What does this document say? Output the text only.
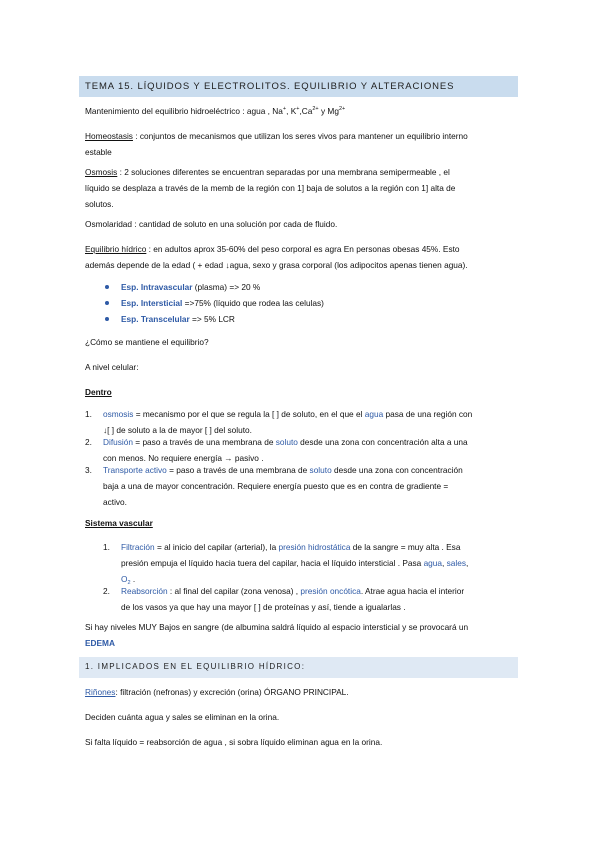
TEMA 15. LÍQUIDOS Y ELECTROLITOS. EQUILIBRIO Y ALTERACIONES
Mantenimiento del equilibrio hidroeléctrico : agua , Na+, $K^+,Ca^{2+}$ y $Mg^{2+}$
Homeostasis : conjuntos de mecanismos que utilizan los seres vivos para mantener un equilibrio interno
estable
Osmosis : 2 soluciones diferentes se encuentran separadas por una membrana semipermeable , el
líquido se desplaza a través de la memb de la región con 1] baja de solutos a la región con 1] alta de
solutos.
Osmolaridad : cantidad de soluto en una solución por cada de fluido.
Equilibrio hídrico : en adultos aprox 35-60% del peso corporal es agra En personas obesas 45%. Esto
además depende de la edad ( + edad ↓agua, sexo y grasa corporal (los adipocitos apenas tienen agua).
Esp. Intravascular (plasma) => 20 %
Esp. Intersticial =>75% (líquido que rodea las celulas)
Esp. Transcelular => 5% LCR
¿Cómo se mantiene el equilibrio?
A nivel celular:
Dentro
1. osmosis = mecanismo por el que se regula la [ ] de soluto, en el que el agua pasa de una región con
↓[ ] de soluto a la de mayor [ ] del soluto.
2. Difusión = paso a través de una membrana de soluto desde una zona con concentración alta a una
con menos. No requiere energía → pasivo .
3. Transporte activo = paso a través de una membrana de soluto desde una zona con concentración
baja a una de mayor concentración. Requiere energía puesto que es en contra de gradiente =
activo.
Sistema vascular
1. Filtración = al inicio del capilar (arterial), la presión hidrostática de la sangre = muy alta . Esa
presión empuja el líquido hacia tuera del capilar, hacia el líquido intersticial . Pasa agua, sales,
$O_2$ .
2. Reabsorción : al final del capilar (zona venosa) , presión oncótica. Atrae agua hacia el interior
de los vasos ya que hay una mayor [ ] de proteínas y así, tiende a igualarlas .
Si hay niveles MUY Bajos en sangre (de albumina saldrá líquido al espacio intersticial y se provocará un
EDEMA
1. IMPLICADOS EN EL EQUILIBRIO HÍDRICO:
Riñones: filtración (nefronas) y excreción (orina) ÓRGANO PRINCIPAL.
Deciden cuánta agua y sales se eliminan en la orina.
Si falta líquido = reabsorción de agua , si sobra líquido eliminan agua en la orina.
